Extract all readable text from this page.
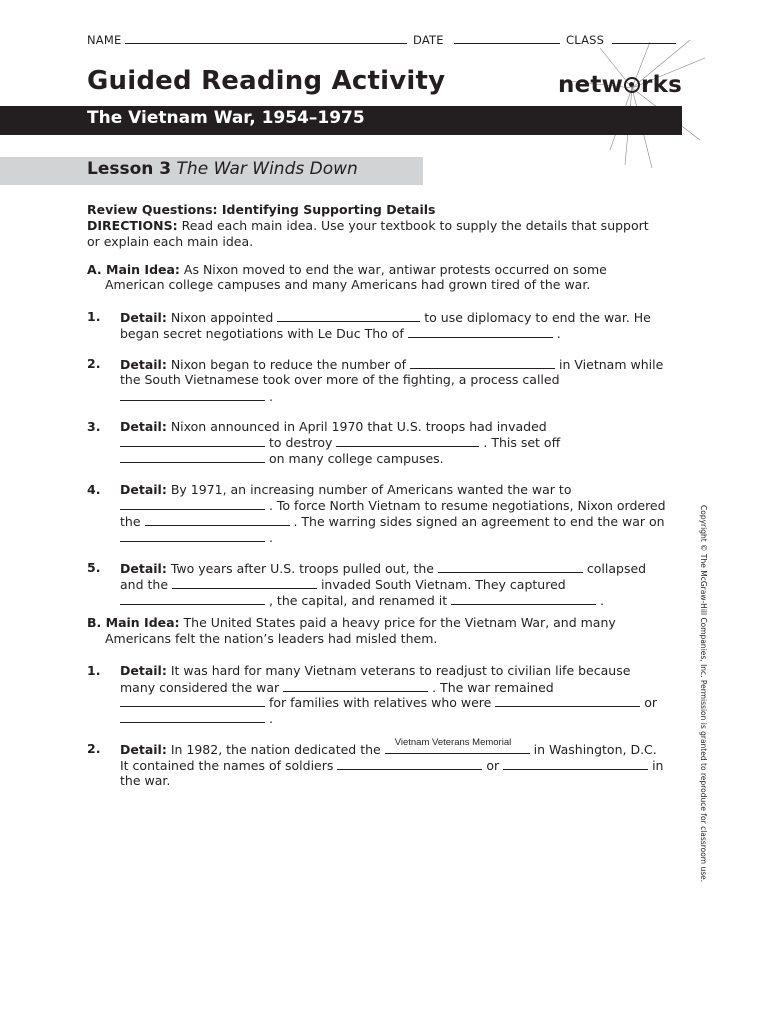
NAME	DATE	CLASS
Guided Reading Activity	netw rks
The Vietnam War, 1954–1975
Lesson 3 The War Winds Down
Review Questions: Identifying Supporting Details
DIRECTIONS: Read each main idea. Use your textbook to supply the details that support
or explain each main idea.
A. Main Idea: As Nixon moved to end the war, antiwar protests occurred on some
American college campuses and many Americans had grown tired of the war.
1. Detail: Nixon appointed	to use diplomacy to end the war. He
began secret negotiations with Le Duc Tho of	.
2. Detail: Nixon began to reduce the number of	in Vietnam while
the South Vietnamese took over more of the fighting, a process called
.
3. Detail: Nixon announced in April 1970 that U.S. troops had invaded
to destroy	. This set off
on many college campuses.
4. Detail: By 1971, an increasing number of Americans wanted the war to
. To force North Vietnam to resume negotiations, Nixon ordered
the	. The warring sides signed an agreement to end the war on
.
5. Detail: Two years after U.S. troops pulled out, the	collapsed
and the	invaded South Vietnam. They captured
, the capital, and renamed it	.
B. Main Idea: The United States paid a heavy price for the Vietnam War, and many
Americans felt the nation’s leaders had misled them.
1. Detail: It was hard for many Vietnam veterans to readjust to civilian life because
many considered the war	. The war remained
for families with relatives who were	or
.
2. Detail: In 1982, the nation dedicated the Vietnam Veterans Memorial in Washington, D.C.
It contained the names of soldiers	or	in
the war.	Copyright © The McGraw-Hill Companies, Inc. Permission is granted to reproduce for classroom use.
